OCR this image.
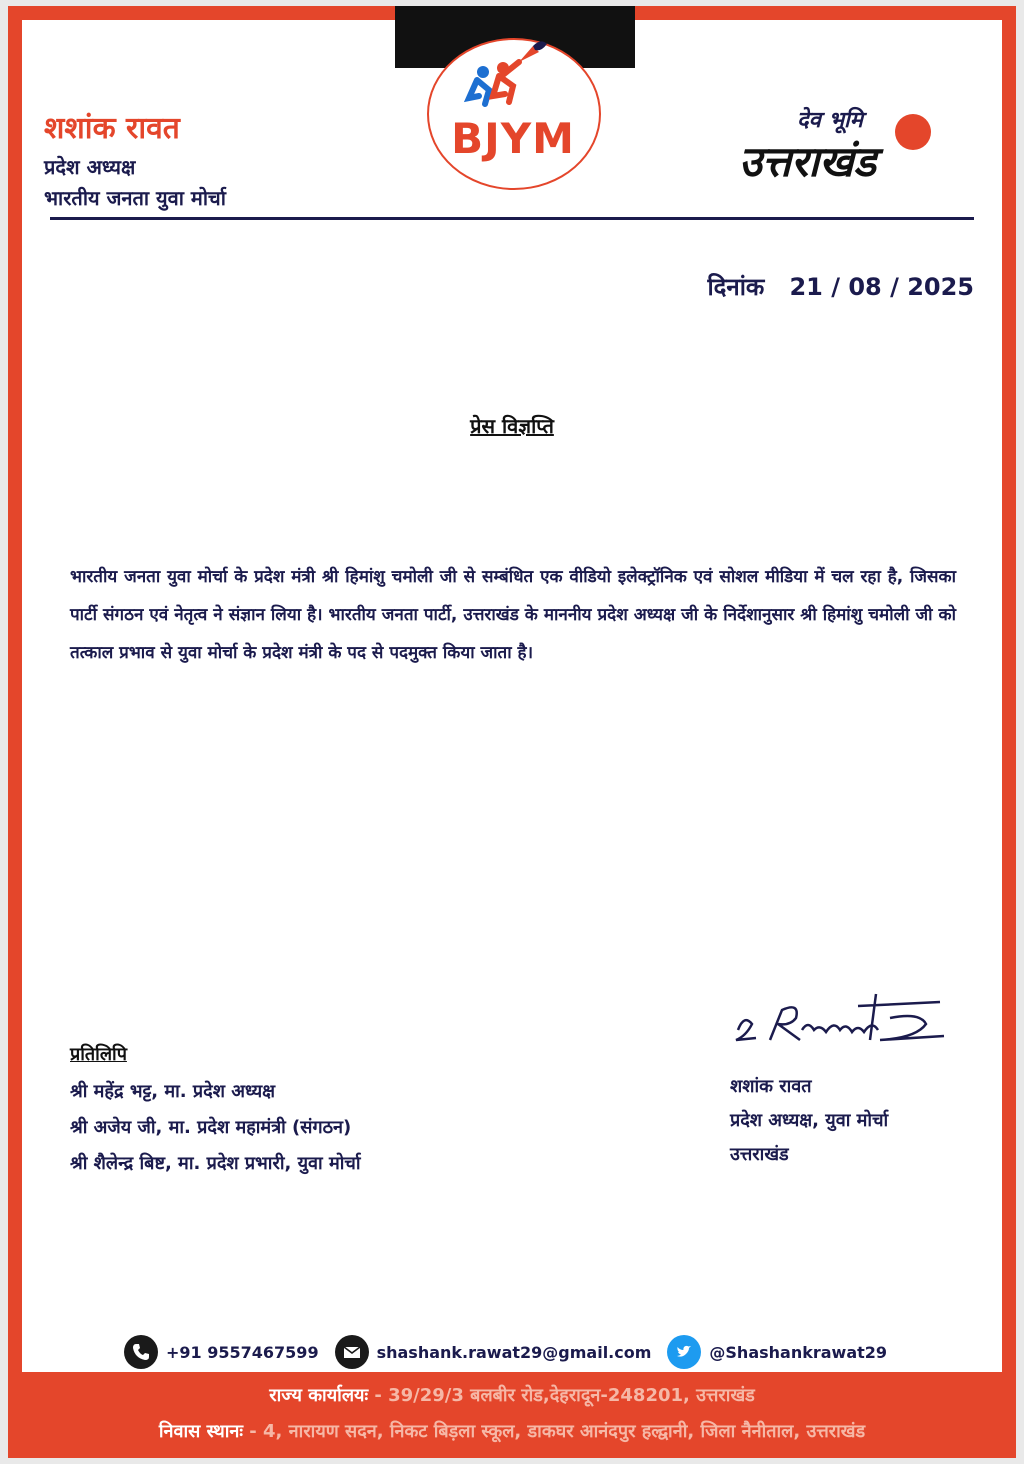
BJYM
शशांक रावत
प्रदेश अध्यक्ष
भारतीय जनता युवा मोर्चा
देव भूमि
उत्तराखंड
दिनांक 21 / 08 / 2025
प्रेस विज्ञप्ति
भारतीय जनता युवा मोर्चा के प्रदेश मंत्री श्री हिमांशु चमोली जी से सम्बंधित एक वीडियो इलेक्ट्रॉनिक एवं सोशल मीडिया में चल रहा है, जिसका पार्टी संगठन एवं नेतृत्व ने संज्ञान लिया है। भारतीय जनता पार्टी, उत्तराखंड के माननीय प्रदेश अध्यक्ष जी के निर्देशानुसार श्री हिमांशु चमोली जी को तत्काल प्रभाव से युवा मोर्चा के प्रदेश मंत्री के पद से पदमुक्त किया जाता है।
प्रतिलिपि
श्री महेंद्र भट्ट, मा. प्रदेश अध्यक्ष
श्री अजेय जी, मा. प्रदेश महामंत्री (संगठन)
श्री शैलेन्द्र बिष्ट, मा. प्रदेश प्रभारी, युवा मोर्चा
शशांक रावत
प्रदेश अध्यक्ष, युवा मोर्चा
उत्तराखंड
+91 9557467599	shashank.rawat29@gmail.com	@Shashankrawat29
राज्य कार्यालयः - 39/29/3 बलबीर रोड,देहरादून-248201, उत्तराखंड
निवास स्थानः - 4, नारायण सदन, निकट बिड़ला स्कूल, डाकघर आनंदपुर हल्द्वानी, जिला नैनीताल, उत्तराखंड
